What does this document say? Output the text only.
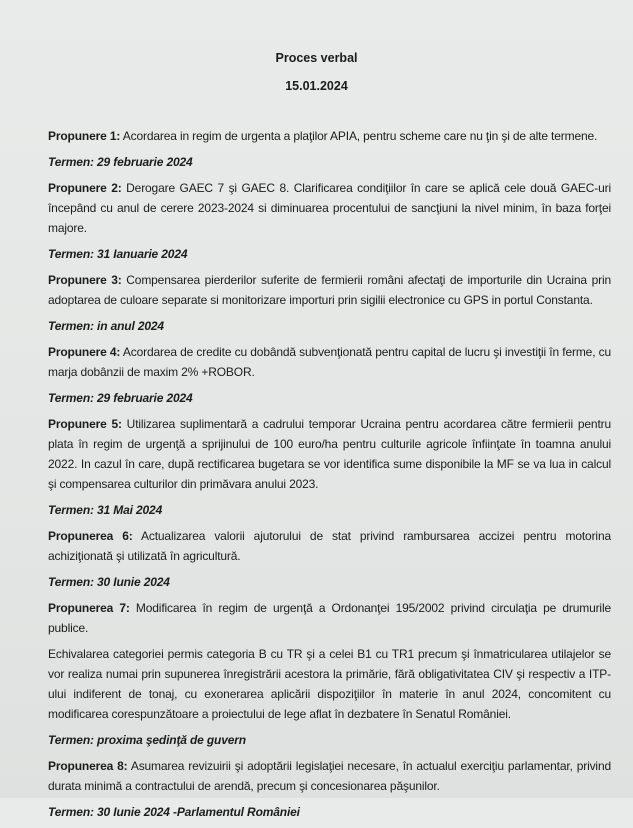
Proces verbal
15.01.2024

Propunere 1: Acordarea in regim de urgenta a plaţilor APIA, pentru scheme care nu ţin şi de alte termene.

Termen: 29 februarie 2024

Propunere 2: Derogare GAEC 7 şi GAEC 8. Clarificarea condiţiilor în care se aplică cele două GAEC-uri începând cu anul de cerere 2023-2024 si diminuarea procentului de sancţiuni la nivel minim, în baza forţei majore.

Termen: 31 Ianuarie 2024

Propunere 3: Compensarea pierderilor suferite de fermierii români afectaţi de importurile din Ucraina prin adoptarea de culoare separate si monitorizare importuri prin sigilii electronice cu GPS in portul Constanta.

Termen: in anul 2024

Propunere 4: Acordarea de credite cu dobândă subvenţionată pentru capital de lucru şi investiţii în ferme, cu marja dobânzii de maxim 2% +ROBOR.

Termen: 29 februarie 2024

Propunere 5: Utilizarea suplimentară a cadrului temporar Ucraina pentru acordarea către fermierii pentru plata în regim de urgenţă a sprijinului de 100 euro/ha pentru culturile agricole înfiinţate în toamna anului 2022. In cazul în care, după rectificarea bugetara se vor identifica sume disponibile la MF se va lua in calcul şi compensarea culturilor din primăvara anului 2023.

Termen: 31 Mai 2024

Propunerea 6: Actualizarea valorii ajutorului de stat privind rambursarea accizei pentru motorina achiziţionată şi utilizată în agricultură.

Termen: 30 Iunie 2024

Propunerea 7: Modificarea în regim de urgenţă a Ordonanţei 195/2002 privind circulaţia pe drumurile publice.

Echivalarea categoriei permis categoria B cu TR şi a celei B1 cu TR1 precum şi înmatricularea utilajelor se vor realiza numai prin supunerea înregistrării acestora la primărie, fără obligativitatea CIV şi respectiv a ITP-ului indiferent de tonaj, cu exonerarea aplicării dispoziţiilor în materie în anul 2024, concomitent cu modificarea corespunzătoare a proiectului de lege aflat în dezbatere în Senatul României.

Termen: proxima şedinţă de guvern

Propunerea 8: Asumarea revizuirii şi adoptării legislaţiei necesare, în actualul exerciţiu parlamentar, privind durata minimă a contractului de arendă, precum şi concesionarea păşunilor.

Termen: 30 Iunie 2024 -Parlamentul României
